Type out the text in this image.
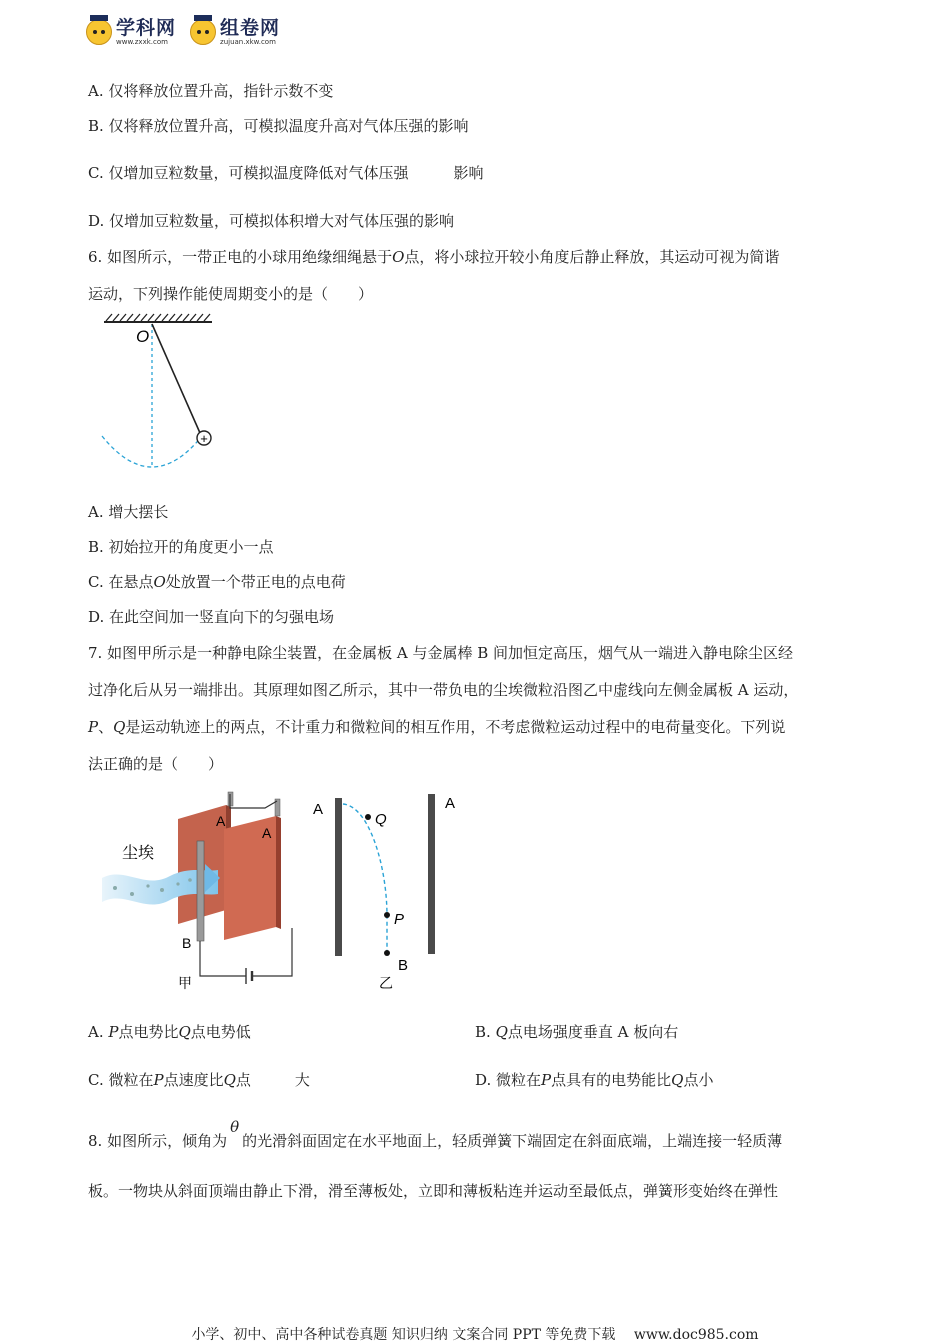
学科网
www.zxxk.com
组卷网
zujuan.xkw.com
A. 仅将释放位置升高，指针示数不变
B. 仅将释放位置升高，可模拟温度升高对气体压强的影响
C. 仅增加豆粒数量，可模拟温度降低对气体压强	影响
D. 仅增加豆粒数量，可模拟体积增大对气体压强的影响
6. 如图所示，一带正电的小球用绝缘细绳悬于O点，将小球拉开较小角度后静止释放，其运动可视为简谐
运动，下列操作能使周期变小的是（　　）
O
+
A. 增大摆长
B. 初始拉开的角度更小一点
C. 在悬点O处放置一个带正电的点电荷
D. 在此空间加一竖直向下的匀强电场
7. 如图甲所示是一种静电除尘装置，在金属板 A 与金属棒 B 间加恒定高压，烟气从一端进入静电除尘区经
过净化后从另一端排出。其原理如图乙所示，其中一带负电的尘埃微粒沿图乙中虚线向左侧金属板 A 运动，
P、Q是运动轨迹上的两点，不计重力和微粒间的相互作用，不考虑微粒运动过程中的电荷量变化。下列说
法正确的是（　　）
尘埃
A
A
B
甲
A	A
Q
P
B
乙
A. P点电势比Q点电势低	B. Q点电场强度垂直 A 板向右
C. 微粒在P点速度比Q点	大	D. 微粒在P点具有的电势能比Q点小
8. 如图所示，倾角为θ的光滑斜面固定在水平地面上，轻质弹簧下端固定在斜面底端，上端连接一轻质薄
板。一物块从斜面顶端由静止下滑，滑至薄板处，立即和薄板粘连并运动至最低点，弹簧形变始终在弹性
小学、初中、高中各种试卷真题 知识归纳 文案合同 PPT 等免费下载　 www.doc985.com
